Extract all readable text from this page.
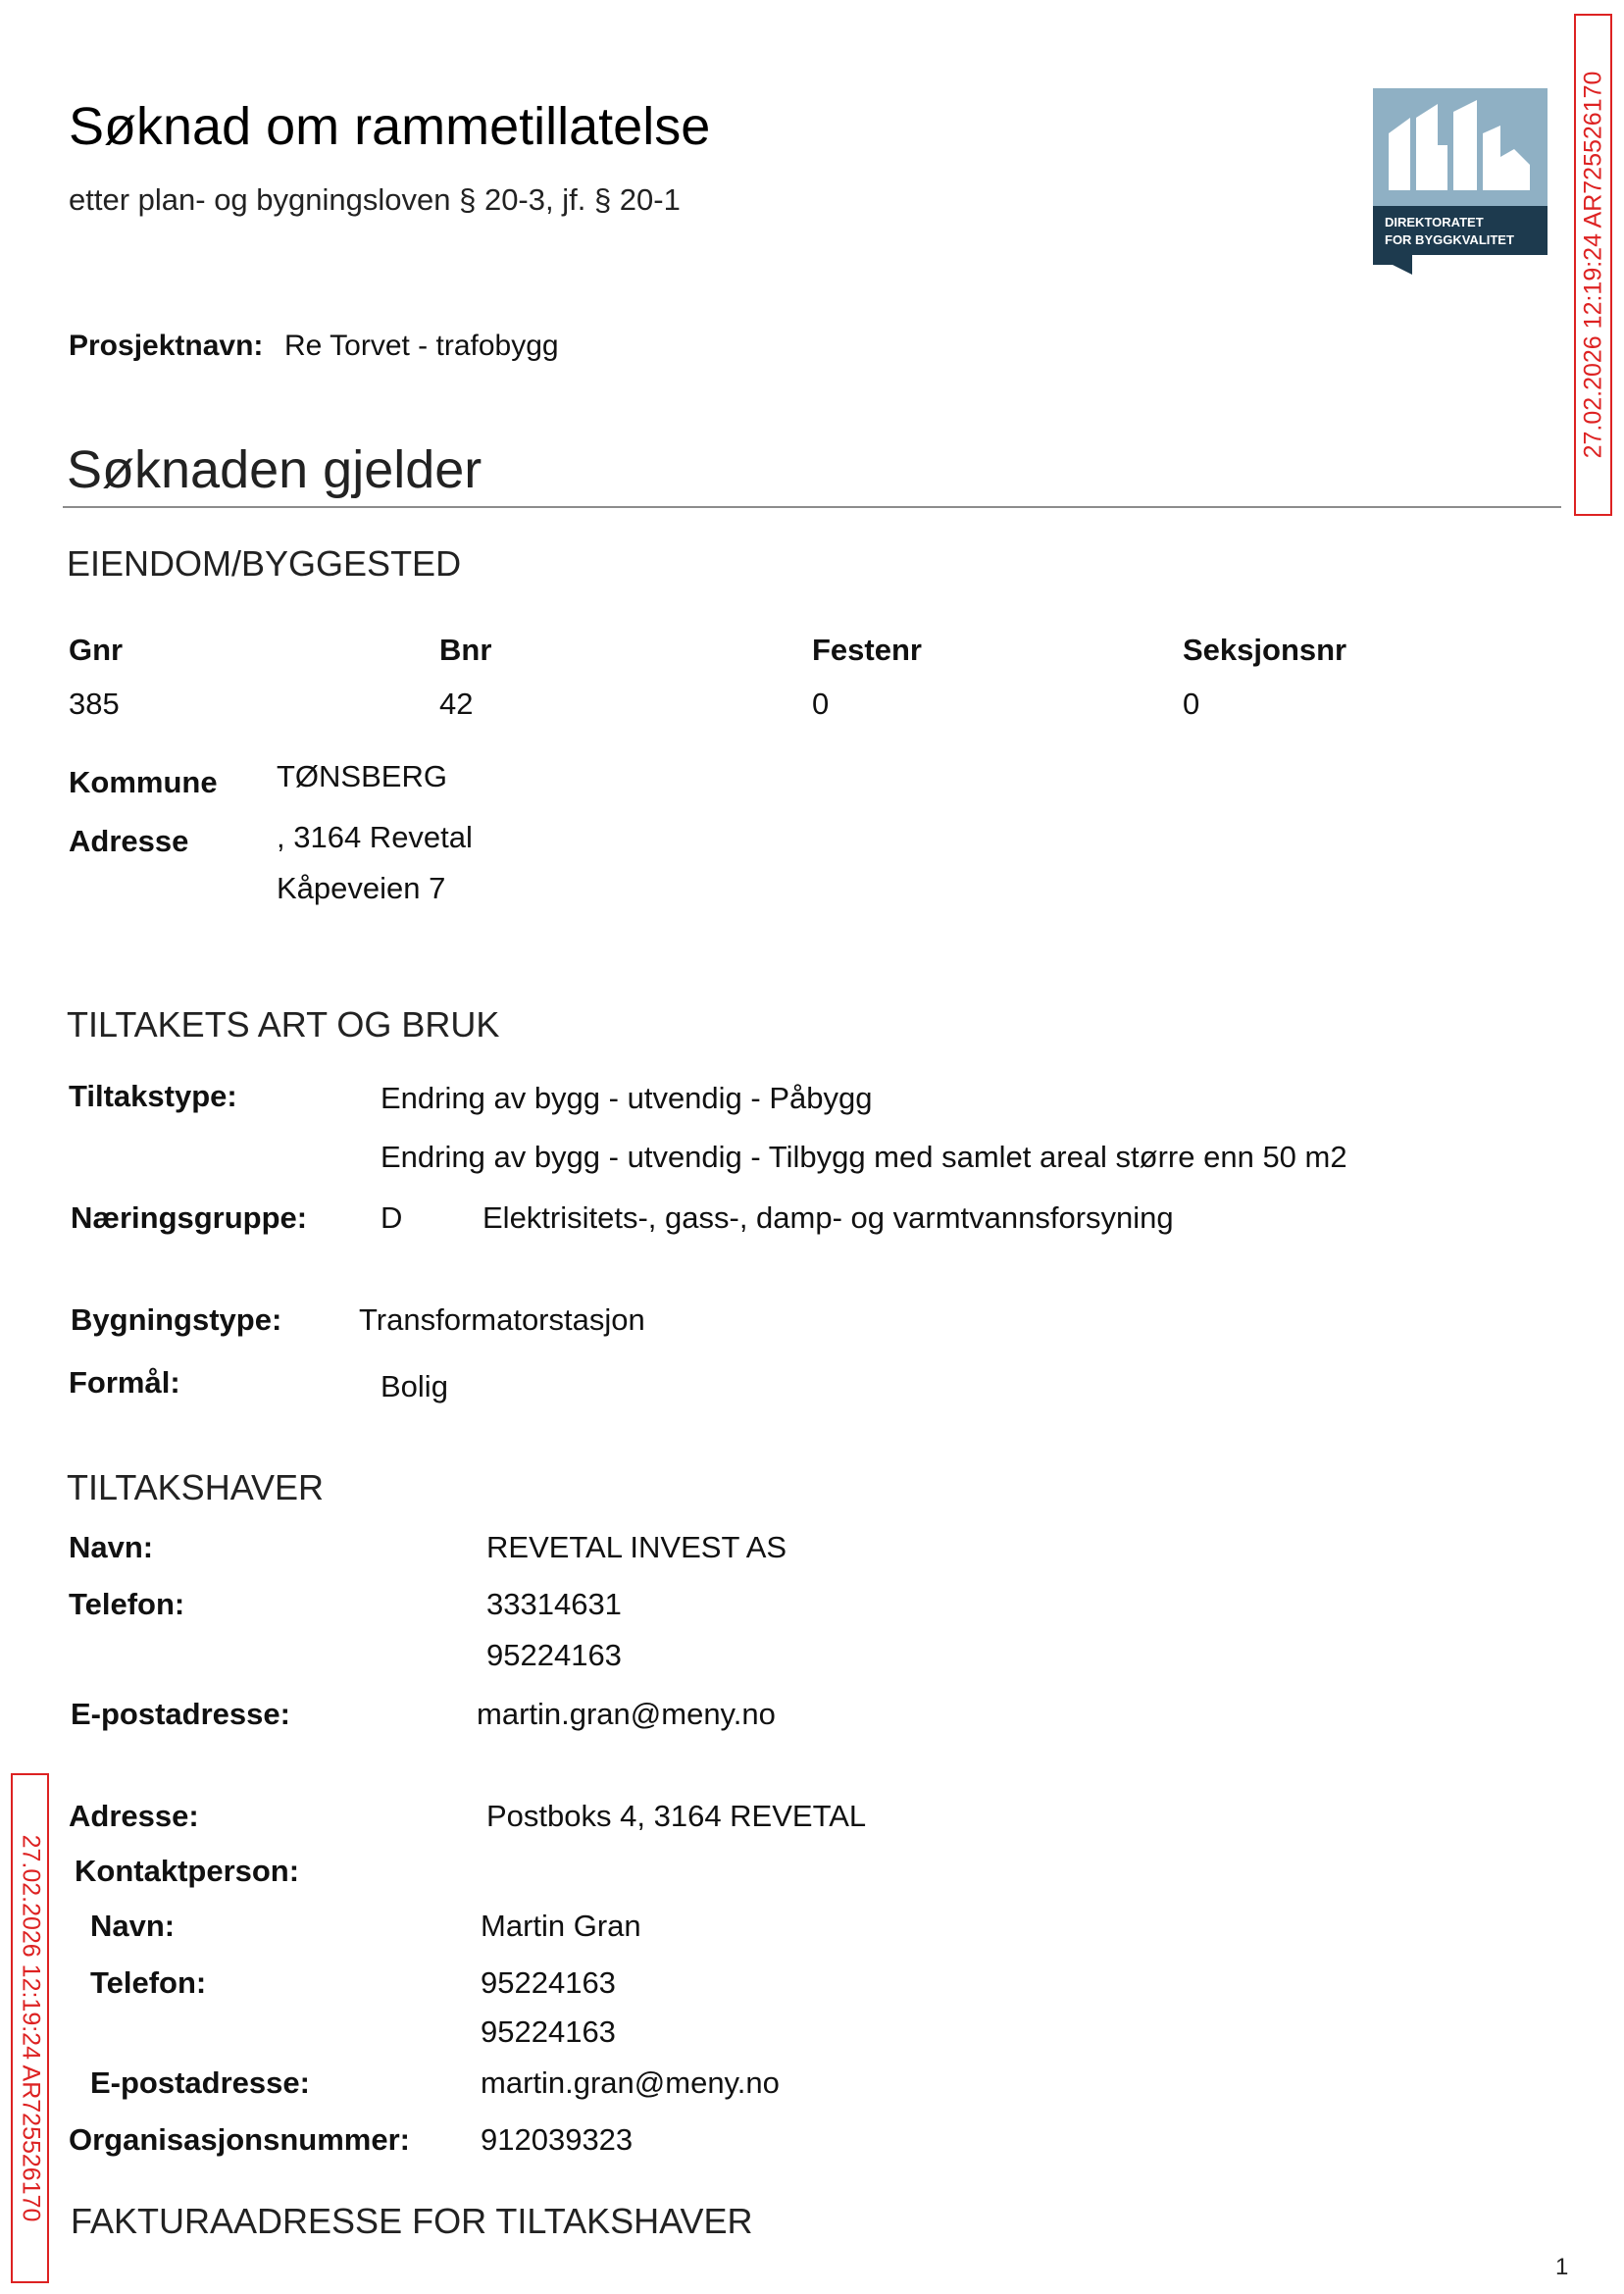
Søknad om rammetillatelse
etter plan- og bygningsloven § 20-3, jf. § 20-1
DIREKTORATET
FOR BYGGKVALITET	27.02.2026 12:19:24 AR725526170
27.02.2026 12:19:24 AR725526170
Prosjektnavn: Re Torvet - trafobygg
Søknaden gjelder
EIENDOM/BYGGESTED
Gnr	Bnr	Festenr	Seksjonsnr
385	42	0	0
Kommune TØNSBERG
Adresse	, 3164 Revetal
Kåpeveien 7
TILTAKETS ART OG BRUK
Tiltakstype:	Endring av bygg - utvendig - Påbygg
Endring av bygg - utvendig - Tilbygg med samlet areal større enn 50 m2
Næringsgruppe: D	Elektrisitets-, gass-, damp- og varmtvannsforsyning
Bygningstype:	Transformatorstasjon
Formål:	Bolig
TILTAKSHAVER
Navn:	REVETAL INVEST AS
Telefon:	33314631
95224163
E-postadresse:	martin.gran@meny.no
Adresse:	Postboks 4, 3164 REVETAL
Kontaktperson:
Navn:	Martin Gran
Telefon:	95224163
95224163
E-postadresse:	martin.gran@meny.no
Organisasjonsnummer: 912039323
FAKTURAADRESSE FOR TILTAKSHAVER
1
